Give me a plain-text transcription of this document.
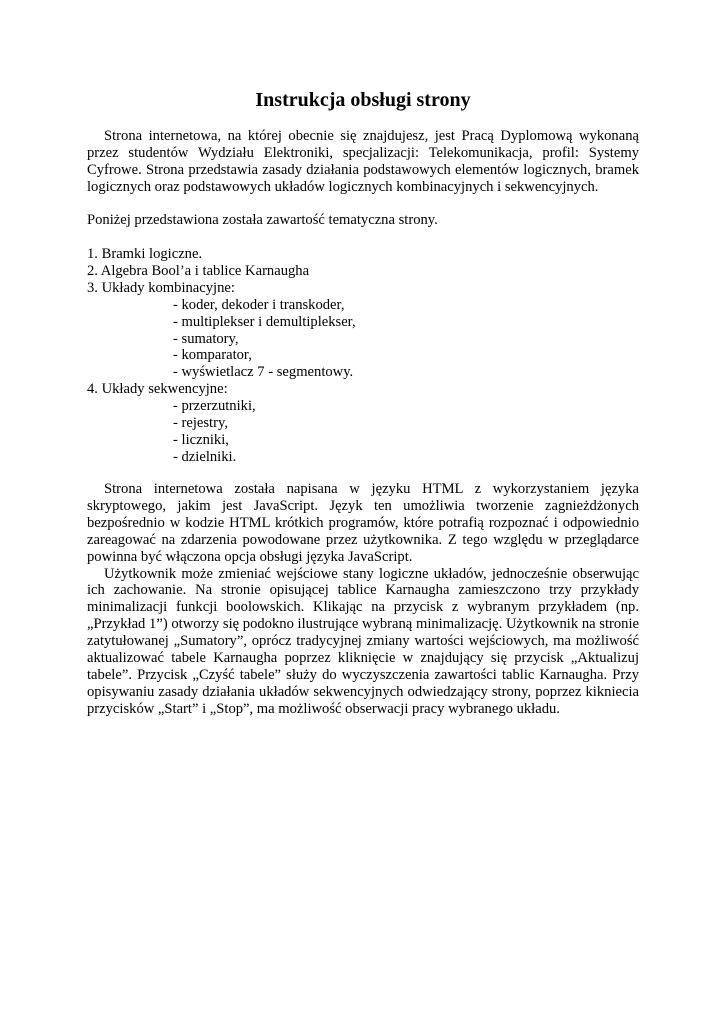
Instrukcja obsługi strony

Strona internetowa, na której obecnie się znajdujesz, jest Pracą Dyplomową wykonaną przez studentów Wydziału Elektroniki, specjalizacji: Telekomunikacja, profil: Systemy Cyfrowe. Strona przedstawia zasady działania podstawowych elementów logicznych, bramek logicznych oraz podstawowych układów logicznych kombinacyjnych i sekwencyjnych.

Poniżej przedstawiona została zawartość tematyczna strony.

1. Bramki logiczne.
2. Algebra Bool’a i tablice Karnaugha
3. Układy kombinacyjne:
- koder, dekoder i transkoder,
- multiplekser i demultiplekser,
- sumatory,
- komparator,
- wyświetlacz 7 - segmentowy.
4. Układy sekwencyjne:
- przerzutniki,
- rejestry,
- liczniki,
- dzielniki.

Strona internetowa została napisana w języku HTML z wykorzystaniem języka skryptowego, jakim jest JavaScript. Język ten umożliwia tworzenie zagnieżdżonych bezpośrednio w kodzie HTML krótkich programów, które potrafią rozpoznać i odpowiednio zareagować na zdarzenia powodowane przez użytkownika. Z tego względu w przeglądarce powinna być włączona opcja obsługi języka JavaScript.

Użytkownik może zmieniać wejściowe stany logiczne układów, jednocześnie obserwując ich zachowanie. Na stronie opisującej tablice Karnaugha zamieszczono trzy przykłady minimalizacji funkcji boolowskich. Klikając na przycisk z wybranym przykładem (np. „Przykład 1”) otworzy się podokno ilustrujące wybraną minimalizację. Użytkownik na stronie zatytułowanej „Sumatory”, oprócz tradycyjnej zmiany wartości wejściowych, ma możliwość aktualizować tabele Karnaugha poprzez kliknięcie w znajdujący się przycisk „Aktualizuj tabele”. Przycisk „Czyść tabele” służy do wyczyszczenia zawartości tablic Karnaugha. Przy opisywaniu zasady działania układów sekwencyjnych odwiedzający strony, poprzez kikniecia przycisków „Start” i „Stop”, ma możliwość obserwacji pracy wybranego układu.
